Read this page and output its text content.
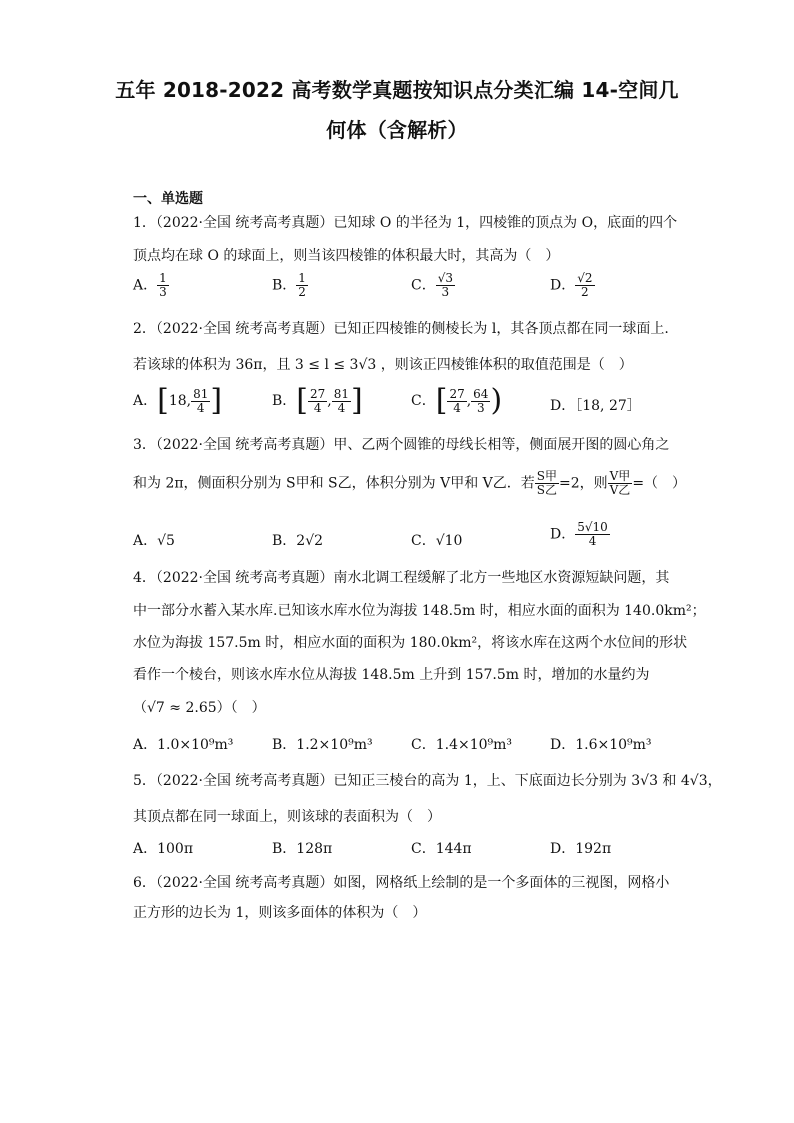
五年 2018-2022 高考数学真题按知识点分类汇编 14-空间几
何体（含解析）
一、单选题
1．（2022·全国 统考高考真题）已知球 O 的半径为 1，四棱锥的顶点为 O，底面的四个
顶点均在球 O 的球面上，则当该四棱锥的体积最大时，其高为（　）
A． $\frac{1}{3}$	B． $\frac{1}{2}$	C． $\frac{√3}{3}$	D． $\frac{√2}{2}$
2．（2022·全国 统考高考真题）已知正四棱锥的侧棱长为 l，其各顶点都在同一球面上.
若该球的体积为 36π，且 3 ≤ l ≤ 3√3 ，则该正四棱锥体积的取值范围是（　）
A．[18, $\frac{81}{4}$ ]	B．[ $\frac{27}{4}$ , $\frac{81}{4}$ ]	C．[ $\frac{27}{4}$ , $\frac{64}{3}$ )	D．［18, 27］
3．（2022·全国 统考高考真题）甲、乙两个圆锥的母线长相等，侧面展开图的圆心角之
和为 2π，侧面积分别为 S甲和 S乙，体积分别为 V甲和 V乙．若 $\frac{\text{S甲}}{\text{S乙}} =2$，则 $\frac{\text{V甲}}{\text{V乙}}$ =（　）
A．√5	B．2√2	C．√10	D． $\frac{5√10}{4}$
4．（2022·全国 统考高考真题）南水北调工程缓解了北方一些地区水资源短缺问题，其
中一部分水蓄入某水库.已知该水库水位为海拔 148.5m 时，相应水面的面积为 140.0km²；
水位为海拔 157.5m 时，相应水面的面积为 180.0km²，将该水库在这两个水位间的形状
看作一个棱台，则该水库水位从海拔 148.5m 上升到 157.5m 时，增加的水量约为
（√7 ≈ 2.65）（　）
A．1.0×10⁹m³	B．1.2×10⁹m³	C．1.4×10⁹m³	D．1.6×10⁹m³
5．（2022·全国 统考高考真题）已知正三棱台的高为 1，上、下底面边长分别为 3√3 和 4√3，
其顶点都在同一球面上，则该球的表面积为（　）
A．100π	B．128π	C．144π	D．192π
6．（2022·全国 统考高考真题）如图，网格纸上绘制的是一个多面体的三视图，网格小
正方形的边长为 1，则该多面体的体积为（　）
